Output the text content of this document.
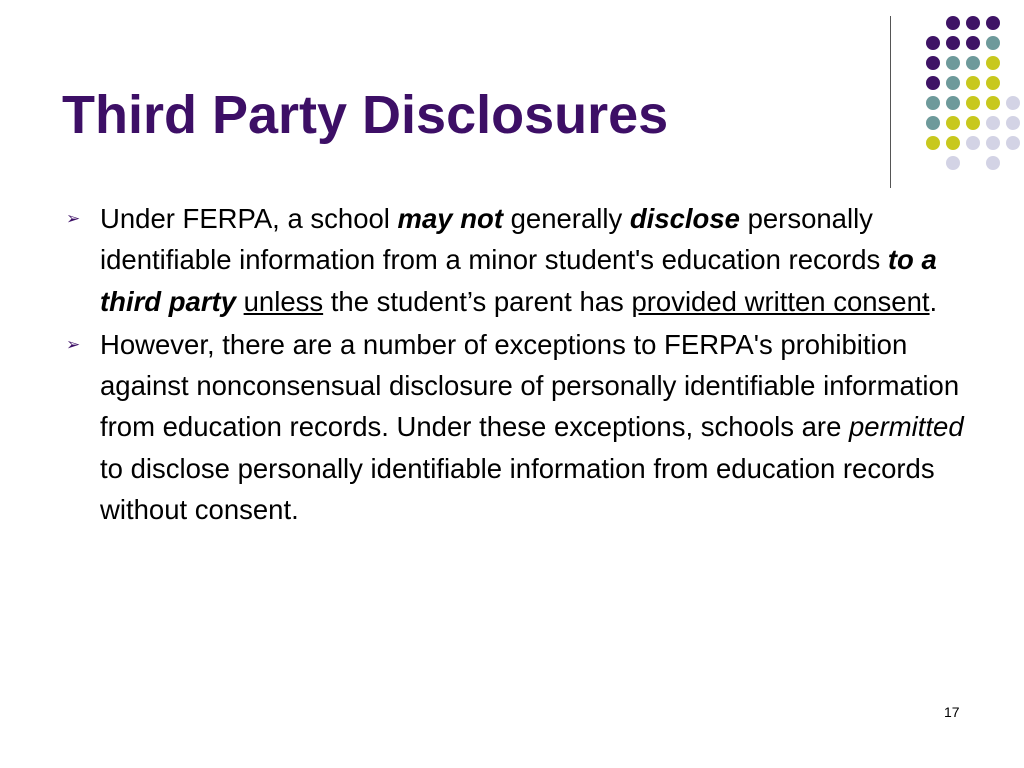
Third Party Disclosures
➢ Under FERPA, a school may not generally disclose personally identifiable information from a minor student's education records to a third party unless the student’s parent has provided written consent.
➢ However, there are a number of exceptions to FERPA's prohibition against nonconsensual disclosure of personally identifiable information from education records. Under these exceptions, schools are permitted to disclose personally identifiable information from education records without consent.
17
